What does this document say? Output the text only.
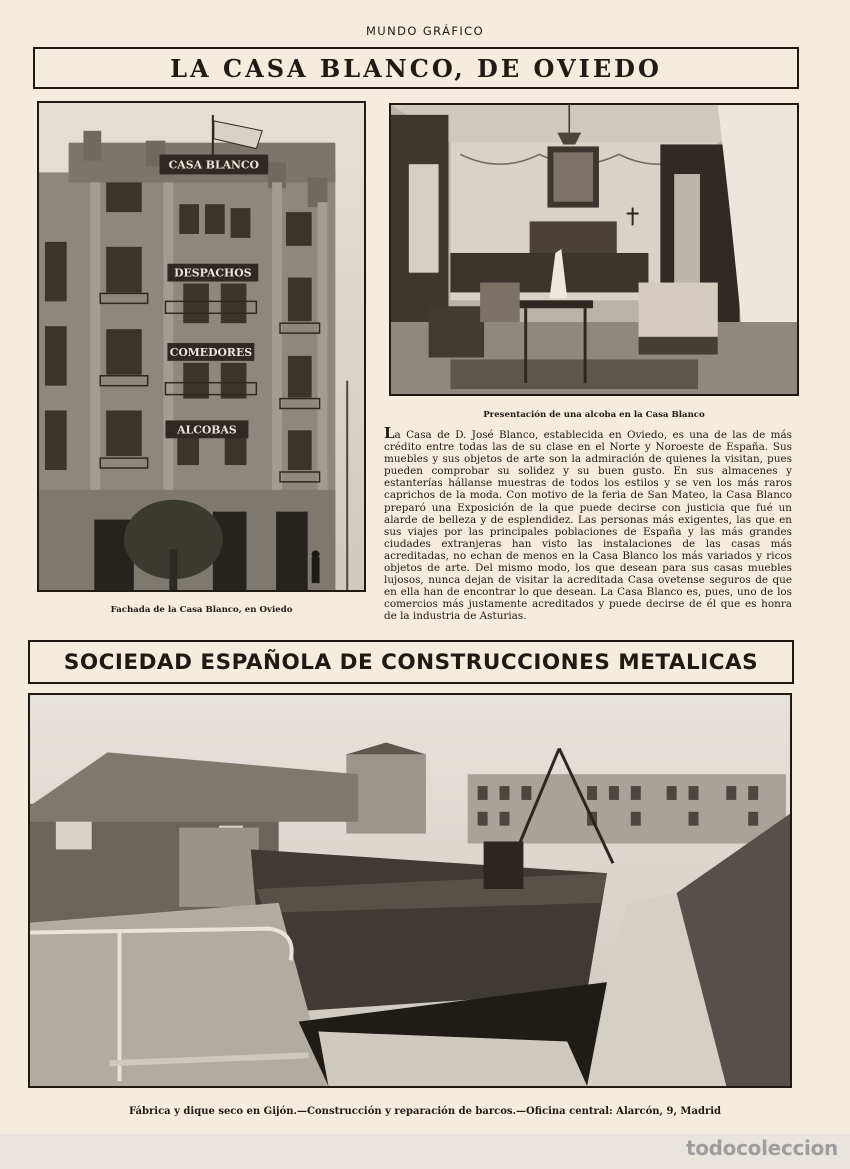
MUNDO GRÁFICO
LA CASA BLANCO, DE OVIEDO
CASA BLANCO
DESPACHOS
COMEDORES
ALCOBAS
Fachada de la Casa Blanco, en Oviedo
Presentación de una alcoba en la Casa Blanco

La Casa de D. José Blanco, establecida en Oviedo, es una de las de más crédito entre todas las de su clase en el Norte y Noroeste de España. Sus muebles y sus objetos de arte son la admiración de quienes la visitan, pues pueden comprobar su solidez y su buen gusto. En sus almacenes y estanterías hállanse muestras de todos los estilos y se ven los más raros caprichos de la moda. Con motivo de la feria de San Mateo, la Casa Blanco preparó una Exposición de la que puede decirse con justicia que fué un alarde de belleza y de esplendidez. Las personas más exigentes, las que en sus viajes por las principales poblaciones de España y las más grandes ciudades extranjeras han visto las instalaciones de las casas más acreditadas, no echan de menos en la Casa Blanco los más variados y ricos objetos de arte. Del mismo modo, los que desean para sus casas muebles lujosos, nunca dejan de visitar la acreditada Casa ovetense seguros de que en ella han de encontrar lo que desean. La Casa Blanco es, pues, uno de los comercios más justamente acreditados y puede decirse de él que es honra de la industria de Asturias.

SOCIEDAD ESPAÑOLA DE CONSTRUCCIONES METALICAS
Fábrica y dique seco en Gijón.—Construcción y reparación de barcos.—Oficina central: Alarcón, 9, Madrid
todocoleccion
